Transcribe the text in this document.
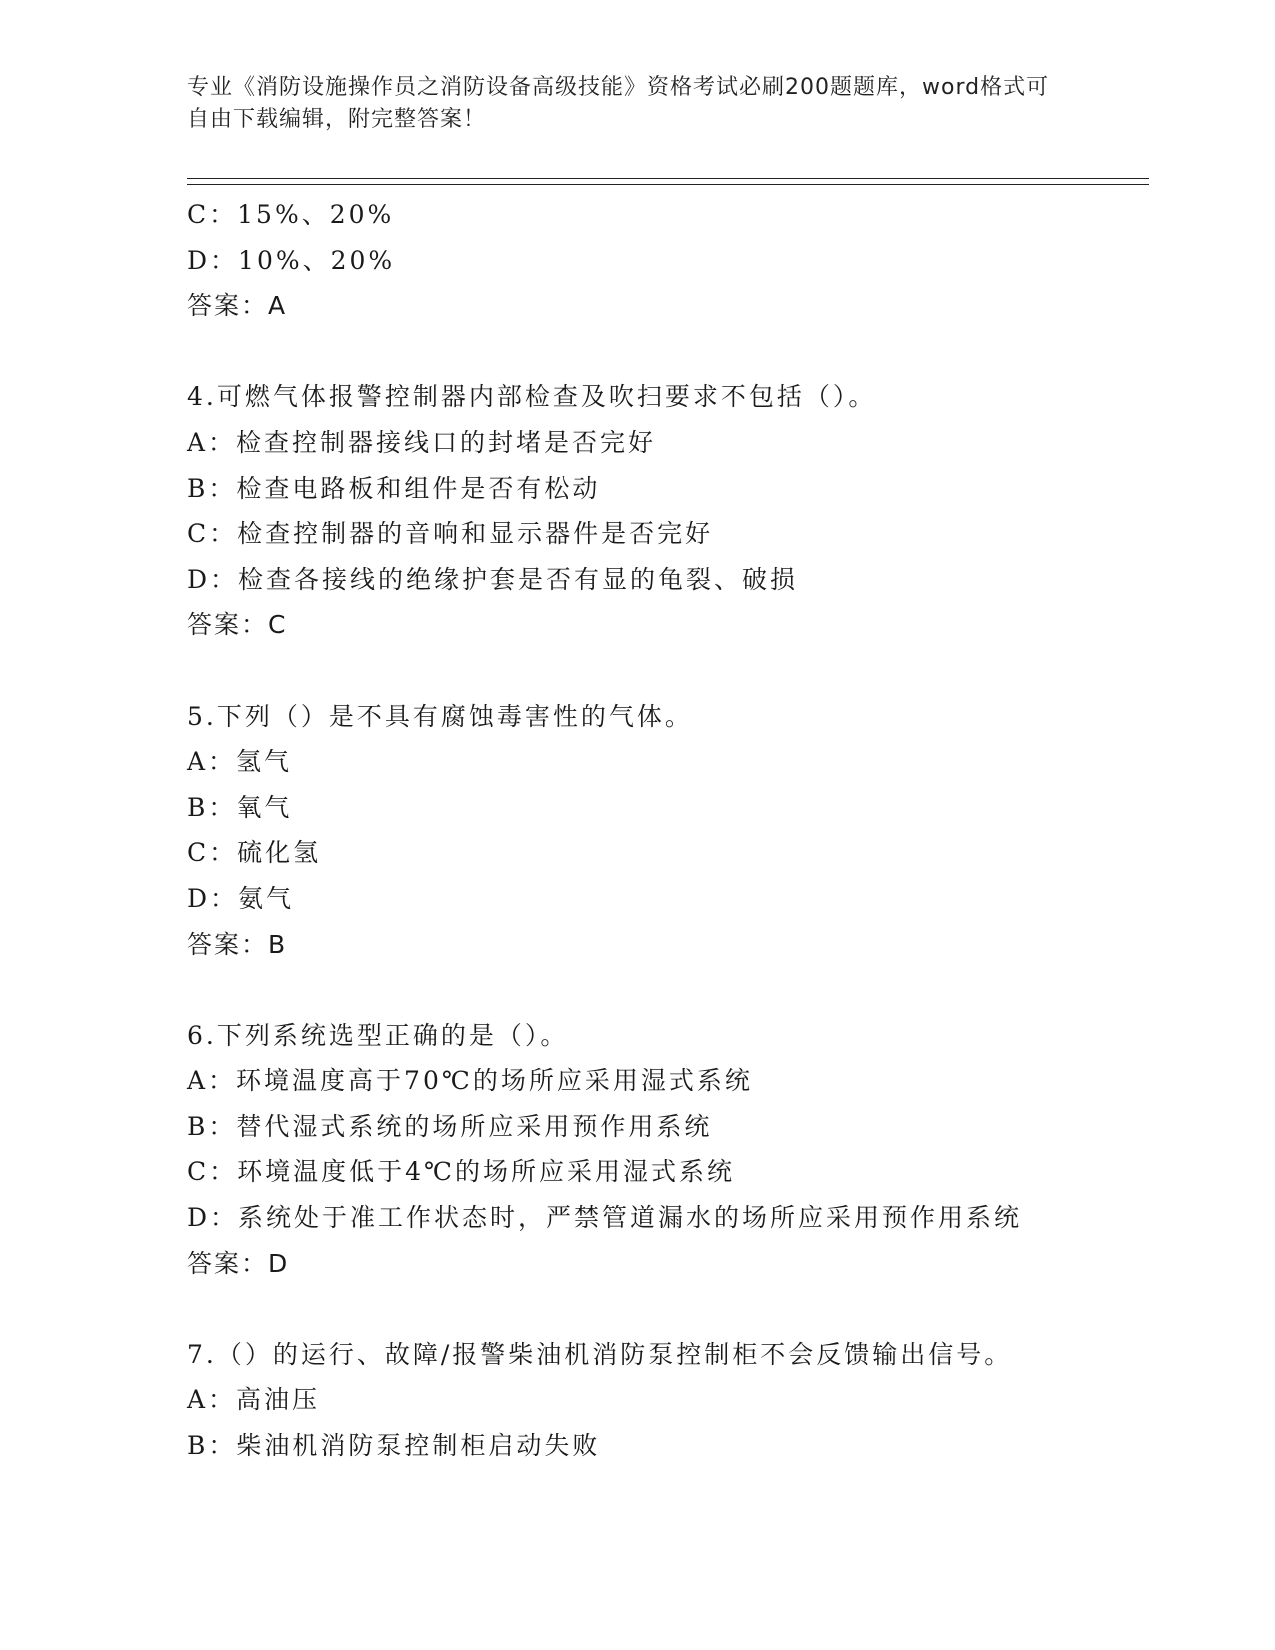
专业《消防设施操作员之消防设备高级技能》资格考试必刷200题题库，word格式可自由下载编辑，附完整答案！
C：15%、20%
D：10%、20%
答案：A
4.可燃气体报警控制器内部检查及吹扫要求不包括（）。
A：检查控制器接线口的封堵是否完好
B：检查电路板和组件是否有松动
C：检查控制器的音响和显示器件是否完好
D：检查各接线的绝缘护套是否有显的龟裂、破损
答案：C
5.下列（）是不具有腐蚀毒害性的气体。
A：氢气
B：氧气
C：硫化氢
D：氨气
答案：B
6.下列系统选型正确的是（）。
A：环境温度高于70℃的场所应采用湿式系统
B：替代湿式系统的场所应采用预作用系统
C：环境温度低于4℃的场所应采用湿式系统
D：系统处于准工作状态时，严禁管道漏水的场所应采用预作用系统
答案：D
7.（）的运行、故障/报警柴油机消防泵控制柜不会反馈输出信号。
A：高油压
B：柴油机消防泵控制柜启动失败
